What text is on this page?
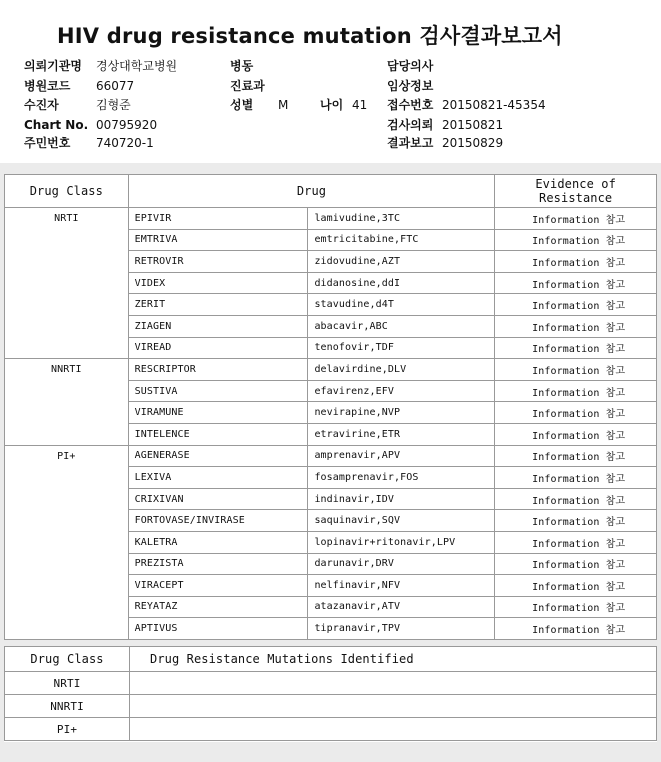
HIV drug resistance mutation 검사결과보고서
의뢰기관명 경상대학교병원
병원코드 66077
수진자	김형준
Chart No. 00795920
주민번호 740720-1
병동
진료과
성별 M	나이 41
담당의사
임상정보
접수번호 20150821-45354
검사의뢰 20150821
결과보고 20150829
Drug Class	Drug		Evidence of Resistance
NRTI	EPIVIR	lamivudine,3TC	Information 참고
	EMTRIVA	emtricitabine,FTC	Information 참고
	RETROVIR	zidovudine,AZT	Information 참고
	VIDEX	didanosine,ddI	Information 참고
	ZERIT	stavudine,d4T	Information 참고
	ZIAGEN	abacavir,ABC	Information 참고
	VIREAD	tenofovir,TDF	Information 참고
NNRTI	RESCRIPTOR	delavirdine,DLV	Information 참고
	SUSTIVA	efavirenz,EFV	Information 참고
	VIRAMUNE	nevirapine,NVP	Information 참고
	INTELENCE	etravirine,ETR	Information 참고
PI+	AGENERASE	amprenavir,APV	Information 참고
	LEXIVA	fosamprenavir,FOS	Information 참고
	CRIXIVAN	indinavir,IDV	Information 참고
	FORTOVASE/INVIRASE	saquinavir,SQV	Information 참고
	KALETRA	lopinavir+ritonavir,LPV	Information 참고
	PREZISTA	darunavir,DRV	Information 참고
	VIRACEPT	nelfinavir,NFV	Information 참고
	REYATAZ	atazanavir,ATV	Information 참고
	APTIVUS	tipranavir,TPV	Information 참고
Drug Class	Drug Resistance Mutations Identified
NRTI	
NNRTI	
PI+	
